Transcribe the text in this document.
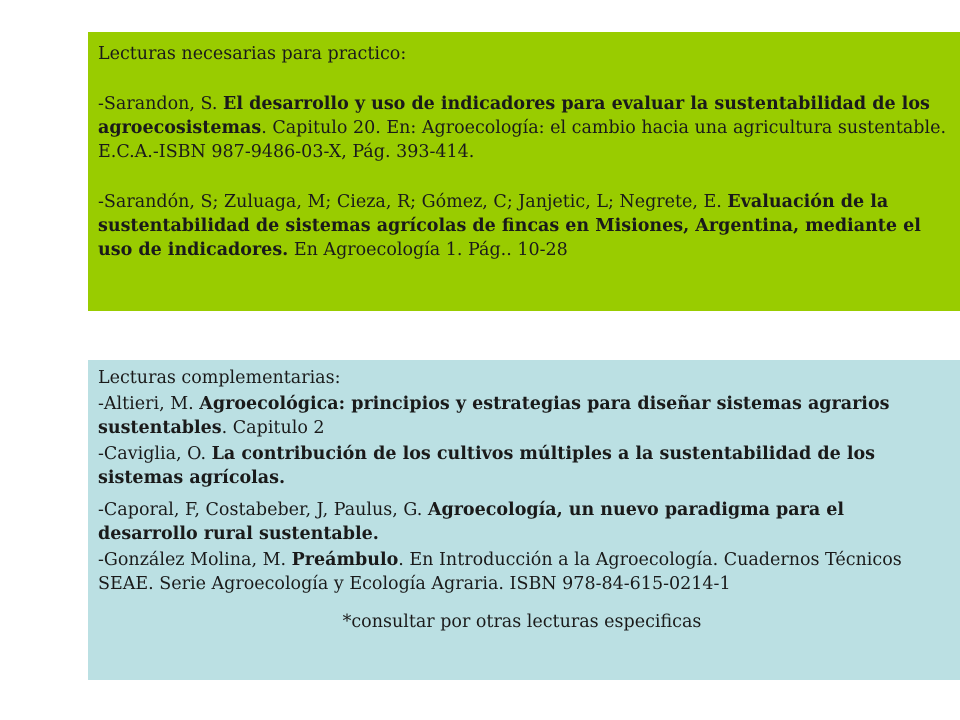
Lecturas necesarias para practico:

-Sarandon, S. El desarrollo y uso de indicadores para evaluar la sustentabilidad de los agroecosistemas. Capitulo 20. En: Agroecología: el cambio hacia una agricultura sustentable. E.C.A.-ISBN 987-9486-03-X, Pág. 393-414.

-Sarandón, S; Zuluaga, M; Cieza, R; Gómez, C; Janjetic, L; Negrete, E. Evaluación de la sustentabilidad de sistemas agrícolas de fincas en Misiones, Argentina, mediante el uso de indicadores. En Agroecología 1. Pág.. 10-28

Lecturas complementarias:

-Altieri, M. Agroecológica: principios y estrategias para diseñar sistemas agrarios sustentables. Capitulo 2

-Caviglia, O. La contribución de los cultivos múltiples a la sustentabilidad de los sistemas agrícolas.

-Caporal, F, Costabeber, J, Paulus, G. Agroecología, un nuevo paradigma para el desarrollo rural sustentable.

-González Molina, M. Preámbulo. En Introducción a la Agroecología. Cuadernos Técnicos SEAE. Serie Agroecología y Ecología Agraria. ISBN 978-84-615-0214-1

*consultar por otras lecturas especificas
